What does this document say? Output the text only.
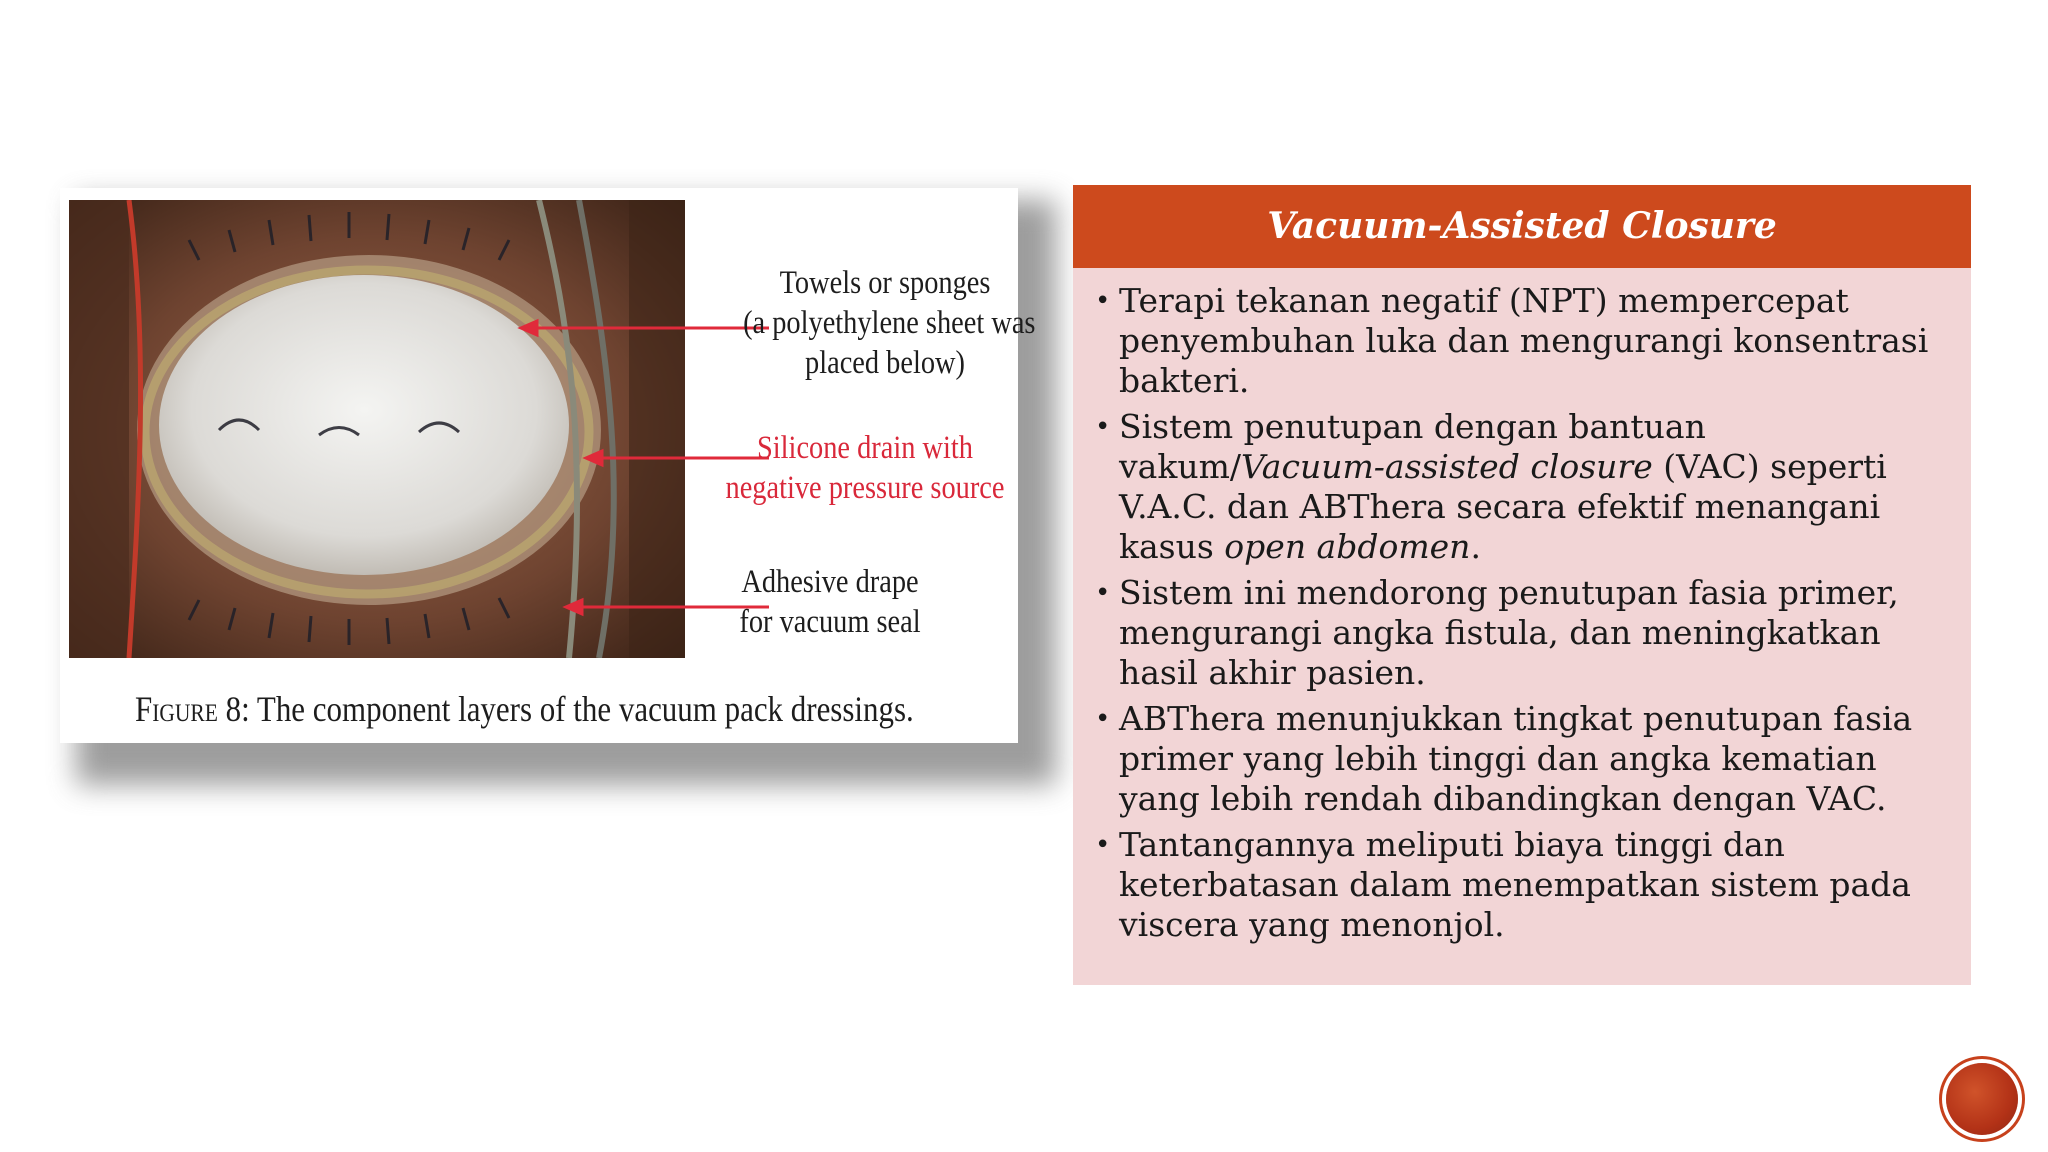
Towels or sponges
(a polyethylene sheet was
placed below)
Silicone drain with
negative pressure source
Adhesive drape
for vacuum seal
Figure 8: The component layers of the vacuum pack dressings.
Vacuum-Assisted Closure
• Terapi tekanan negatif (NPT) mempercepat
penyembuhan luka dan mengurangi konsentrasi
bakteri.
• Sistem penutupan dengan bantuan
vakum/Vacuum-assisted closure (VAC) seperti
V.A.C. dan ABThera secara efektif menangani
kasus open abdomen.
• Sistem ini mendorong penutupan fasia primer,
mengurangi angka fistula, dan meningkatkan
hasil akhir pasien.
• ABThera menunjukkan tingkat penutupan fasia
primer yang lebih tinggi dan angka kematian
yang lebih rendah dibandingkan dengan VAC.
• Tantangannya meliputi biaya tinggi dan
keterbatasan dalam menempatkan sistem pada
viscera yang menonjol.
